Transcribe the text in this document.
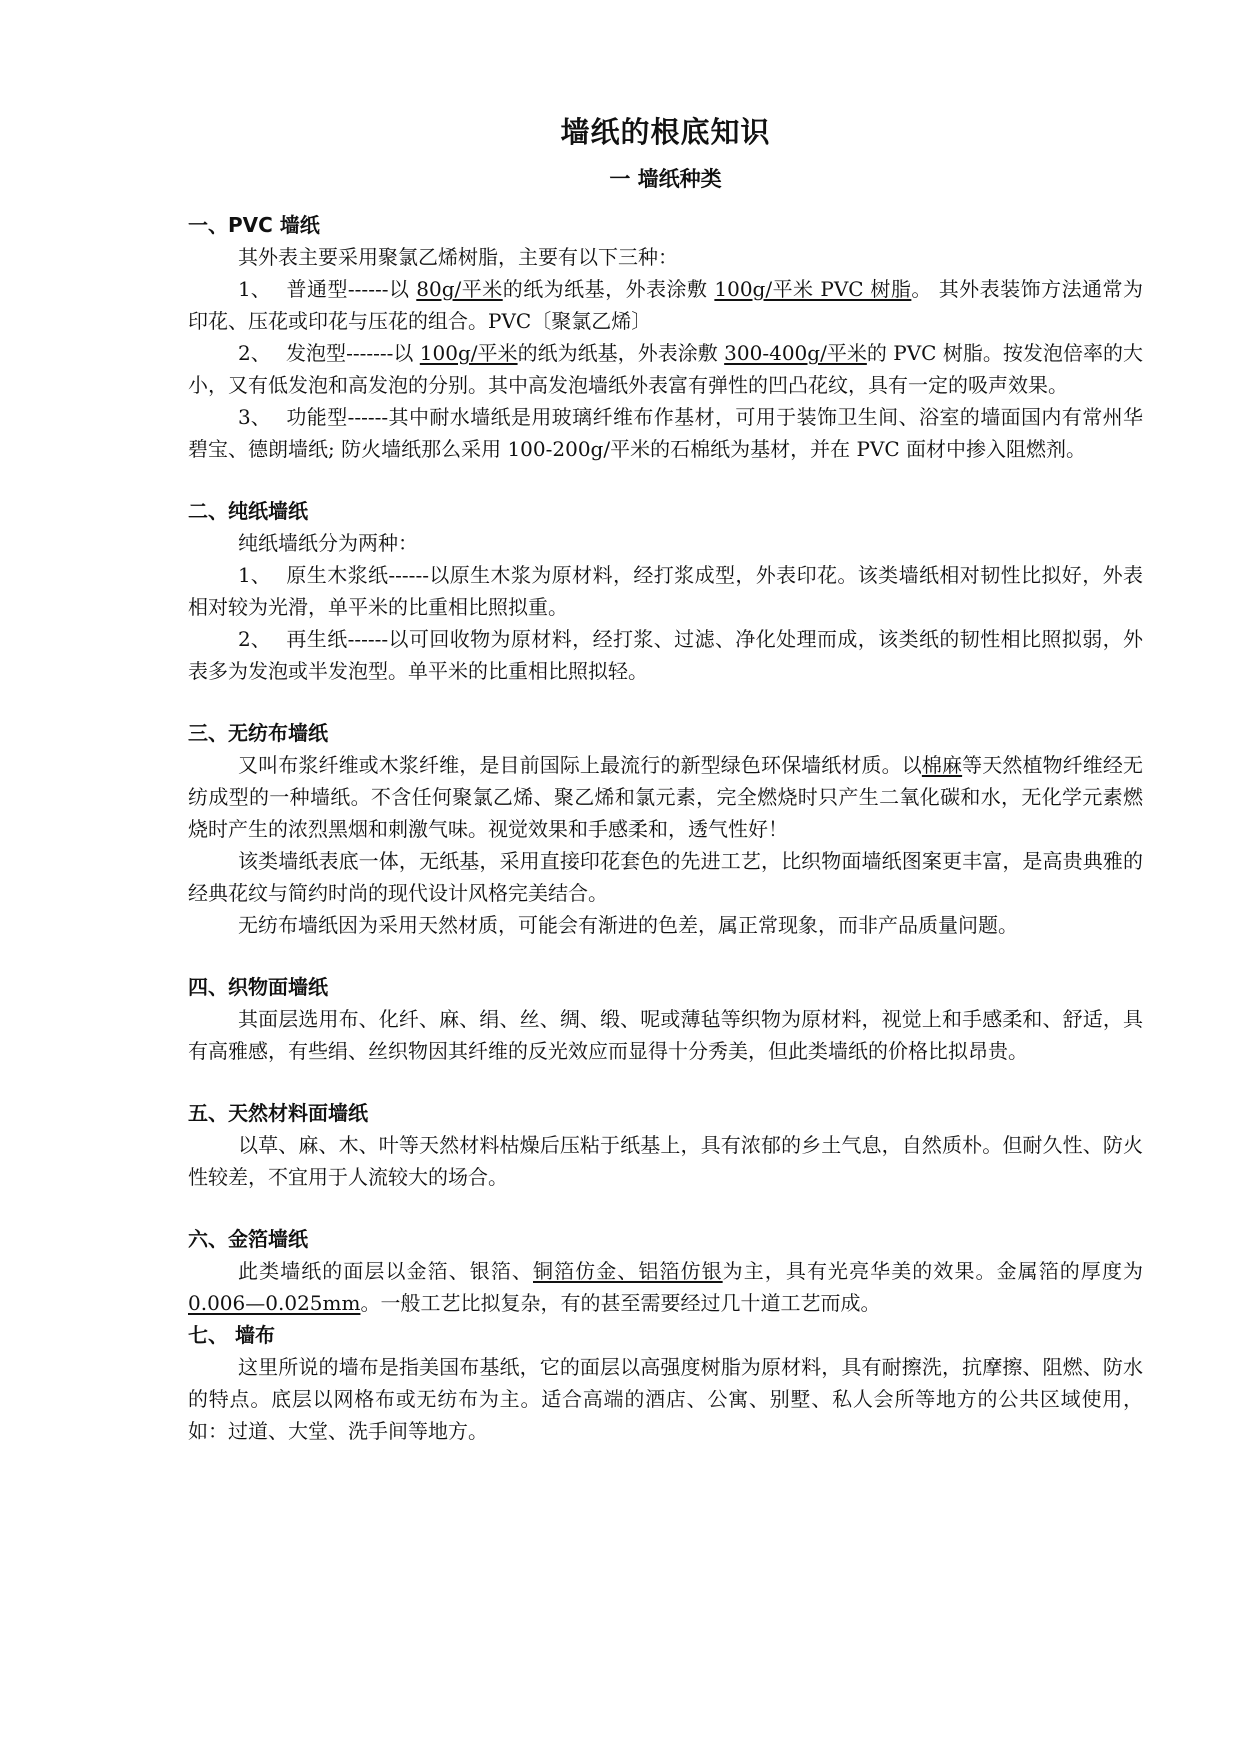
墙纸的根底知识
一 墙纸种类
一、PVC 墙纸

其外表主要采用聚氯乙烯树脂，主要有以下三种：

1、 普通型------以 80g/平米的纸为纸基，外表涂敷 100g/平米 PVC 树脂。 其外表装饰方法通常为印花、压花或印花与压花的组合。PVC〔聚氯乙烯〕

2、 发泡型-------以 100g/平米的纸为纸基，外表涂敷 300-400g/平米的 PVC 树脂。按发泡倍率的大小，又有低发泡和高发泡的分别。其中高发泡墙纸外表富有弹性的凹凸花纹，具有一定的吸声效果。

3、 功能型------其中耐水墙纸是用玻璃纤维布作基材，可用于装饰卫生间、浴室的墙面国内有常州华碧宝、德朗墙纸; 防火墙纸那么采用 100-200g/平米的石棉纸为基材，并在 PVC 面材中掺入阻燃剂。

二、纯纸墙纸

纯纸墙纸分为两种：

1、 原生木浆纸------以原生木浆为原材料，经打浆成型，外表印花。该类墙纸相对韧性比拟好，外表相对较为光滑，单平米的比重相比照拟重。

2、 再生纸------以可回收物为原材料，经打浆、过滤、净化处理而成，该类纸的韧性相比照拟弱，外表多为发泡或半发泡型。单平米的比重相比照拟轻。

三、无纺布墙纸

又叫布浆纤维或木浆纤维，是目前国际上最流行的新型绿色环保墙纸材质。以棉麻等天然植物纤维经无纺成型的一种墙纸。不含任何聚氯乙烯、聚乙烯和氯元素，完全燃烧时只产生二氧化碳和水，无化学元素燃烧时产生的浓烈黑烟和刺激气味。视觉效果和手感柔和，透气性好！

该类墙纸表底一体，无纸基，采用直接印花套色的先进工艺，比织物面墙纸图案更丰富，是高贵典雅的经典花纹与简约时尚的现代设计风格完美结合。

无纺布墙纸因为采用天然材质，可能会有渐进的色差，属正常现象，而非产品质量问题。

四、织物面墙纸

其面层选用布、化纤、麻、绢、丝、绸、缎、呢或薄毡等织物为原材料，视觉上和手感柔和、舒适，具有高雅感，有些绢、丝织物因其纤维的反光效应而显得十分秀美，但此类墙纸的价格比拟昂贵。

五、天然材料面墙纸

以草、麻、木、叶等天然材料枯燥后压粘于纸基上，具有浓郁的乡土气息，自然质朴。但耐久性、防火性较差，不宜用于人流较大的场合。

六、金箔墙纸

此类墙纸的面层以金箔、银箔、铜箔仿金、铝箔仿银为主，具有光亮华美的效果。金属箔的厚度为 0.006—0.025mm。一般工艺比拟复杂，有的甚至需要经过几十道工艺而成。

七、 墙布

这里所说的墙布是指美国布基纸，它的面层以高强度树脂为原材料，具有耐擦洗，抗摩擦、阻燃、防水的特点。底层以网格布或无纺布为主。适合高端的酒店、公寓、别墅、私人会所等地方的公共区域使用，如：过道、大堂、洗手间等地方。
